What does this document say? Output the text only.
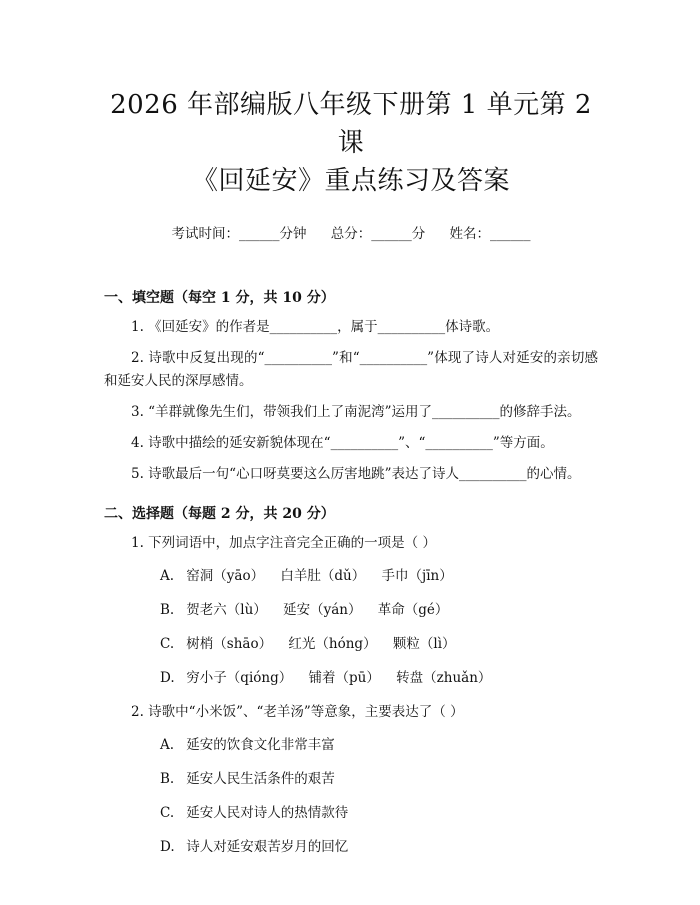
2026 年部编版八年级下册第 1 单元第 2 课
《回延安》重点练习及答案
考试时间：______分钟 总分：______分 姓名：______
一、填空题（每空 1 分，共 10 分）

1. 《回延安》的作者是__________，属于__________体诗歌。

2. 诗歌中反复出现的“__________”和“__________”体现了诗人对延安的亲切感和延安人民的深厚感情。

3. “羊群就像先生们，带领我们上了南泥湾”运用了__________的修辞手法。

4. 诗歌中描绘的延安新貌体现在“__________”、“__________”等方面。

5. 诗歌最后一句“心口呀莫要这么厉害地跳”表达了诗人__________的心情。

二、选择题（每题 2 分，共 20 分）

1. 下列词语中，加点字注音完全正确的一项是（ ）

A. 窑洞（yāo） 白羊肚（dǔ） 手巾（jīn）
B. 贺老六（lù） 延安（yán） 革命（gé）
C. 树梢（shāo） 红光（hóng） 颗粒（lì）
D. 穷小子（qióng） 铺着（pū） 转盘（zhuǎn）

2. 诗歌中“小米饭”、“老羊汤”等意象，主要表达了（ ）

A. 延安的饮食文化非常丰富
B. 延安人民生活条件的艰苦
C. 延安人民对诗人的热情款待
D. 诗人对延安艰苦岁月的回忆
